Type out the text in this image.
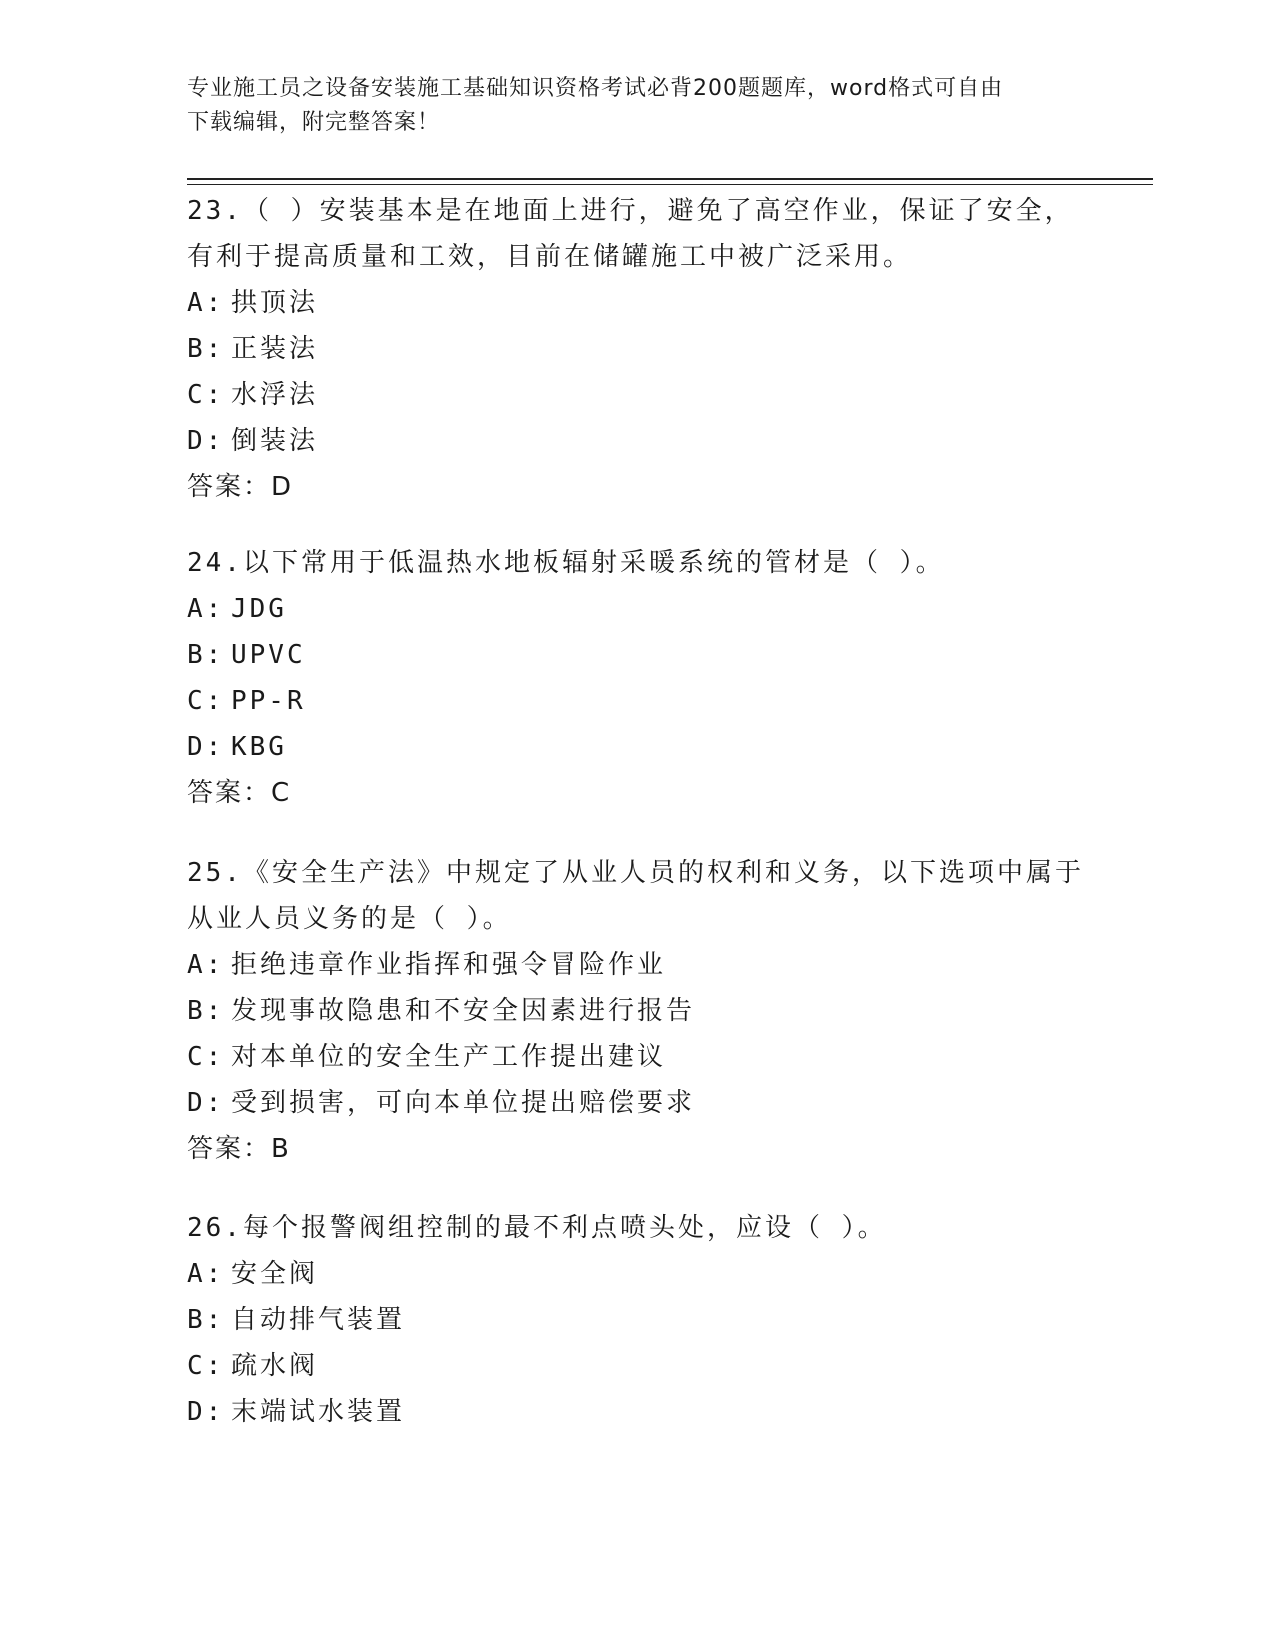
专业施工员之设备安装施工基础知识资格考试必背200题题库，word格式可自由
下载编辑，附完整答案！

23.（ ）安装基本是在地面上进行，避免了高空作业，保证了安全，

有利于提高质量和工效，目前在储罐施工中被广泛采用。

A: 拱顶法
B: 正装法
C: 水浮法
D: 倒装法

答案：D

24.以下常用于低温热水地板辐射采暖系统的管材是（ ）。

A: JDG
B: UPVC
C: PP-R
D: KBG

答案：C

25.《安全生产法》中规定了从业人员的权利和义务，以下选项中属于

从业人员义务的是（ ）。

A: 拒绝违章作业指挥和强令冒险作业
B: 发现事故隐患和不安全因素进行报告
C: 对本单位的安全生产工作提出建议
D: 受到损害，可向本单位提出赔偿要求

答案：B

26.每个报警阀组控制的最不利点喷头处，应设（ ）。

A: 安全阀
B: 自动排气装置
C: 疏水阀
D: 末端试水装置
